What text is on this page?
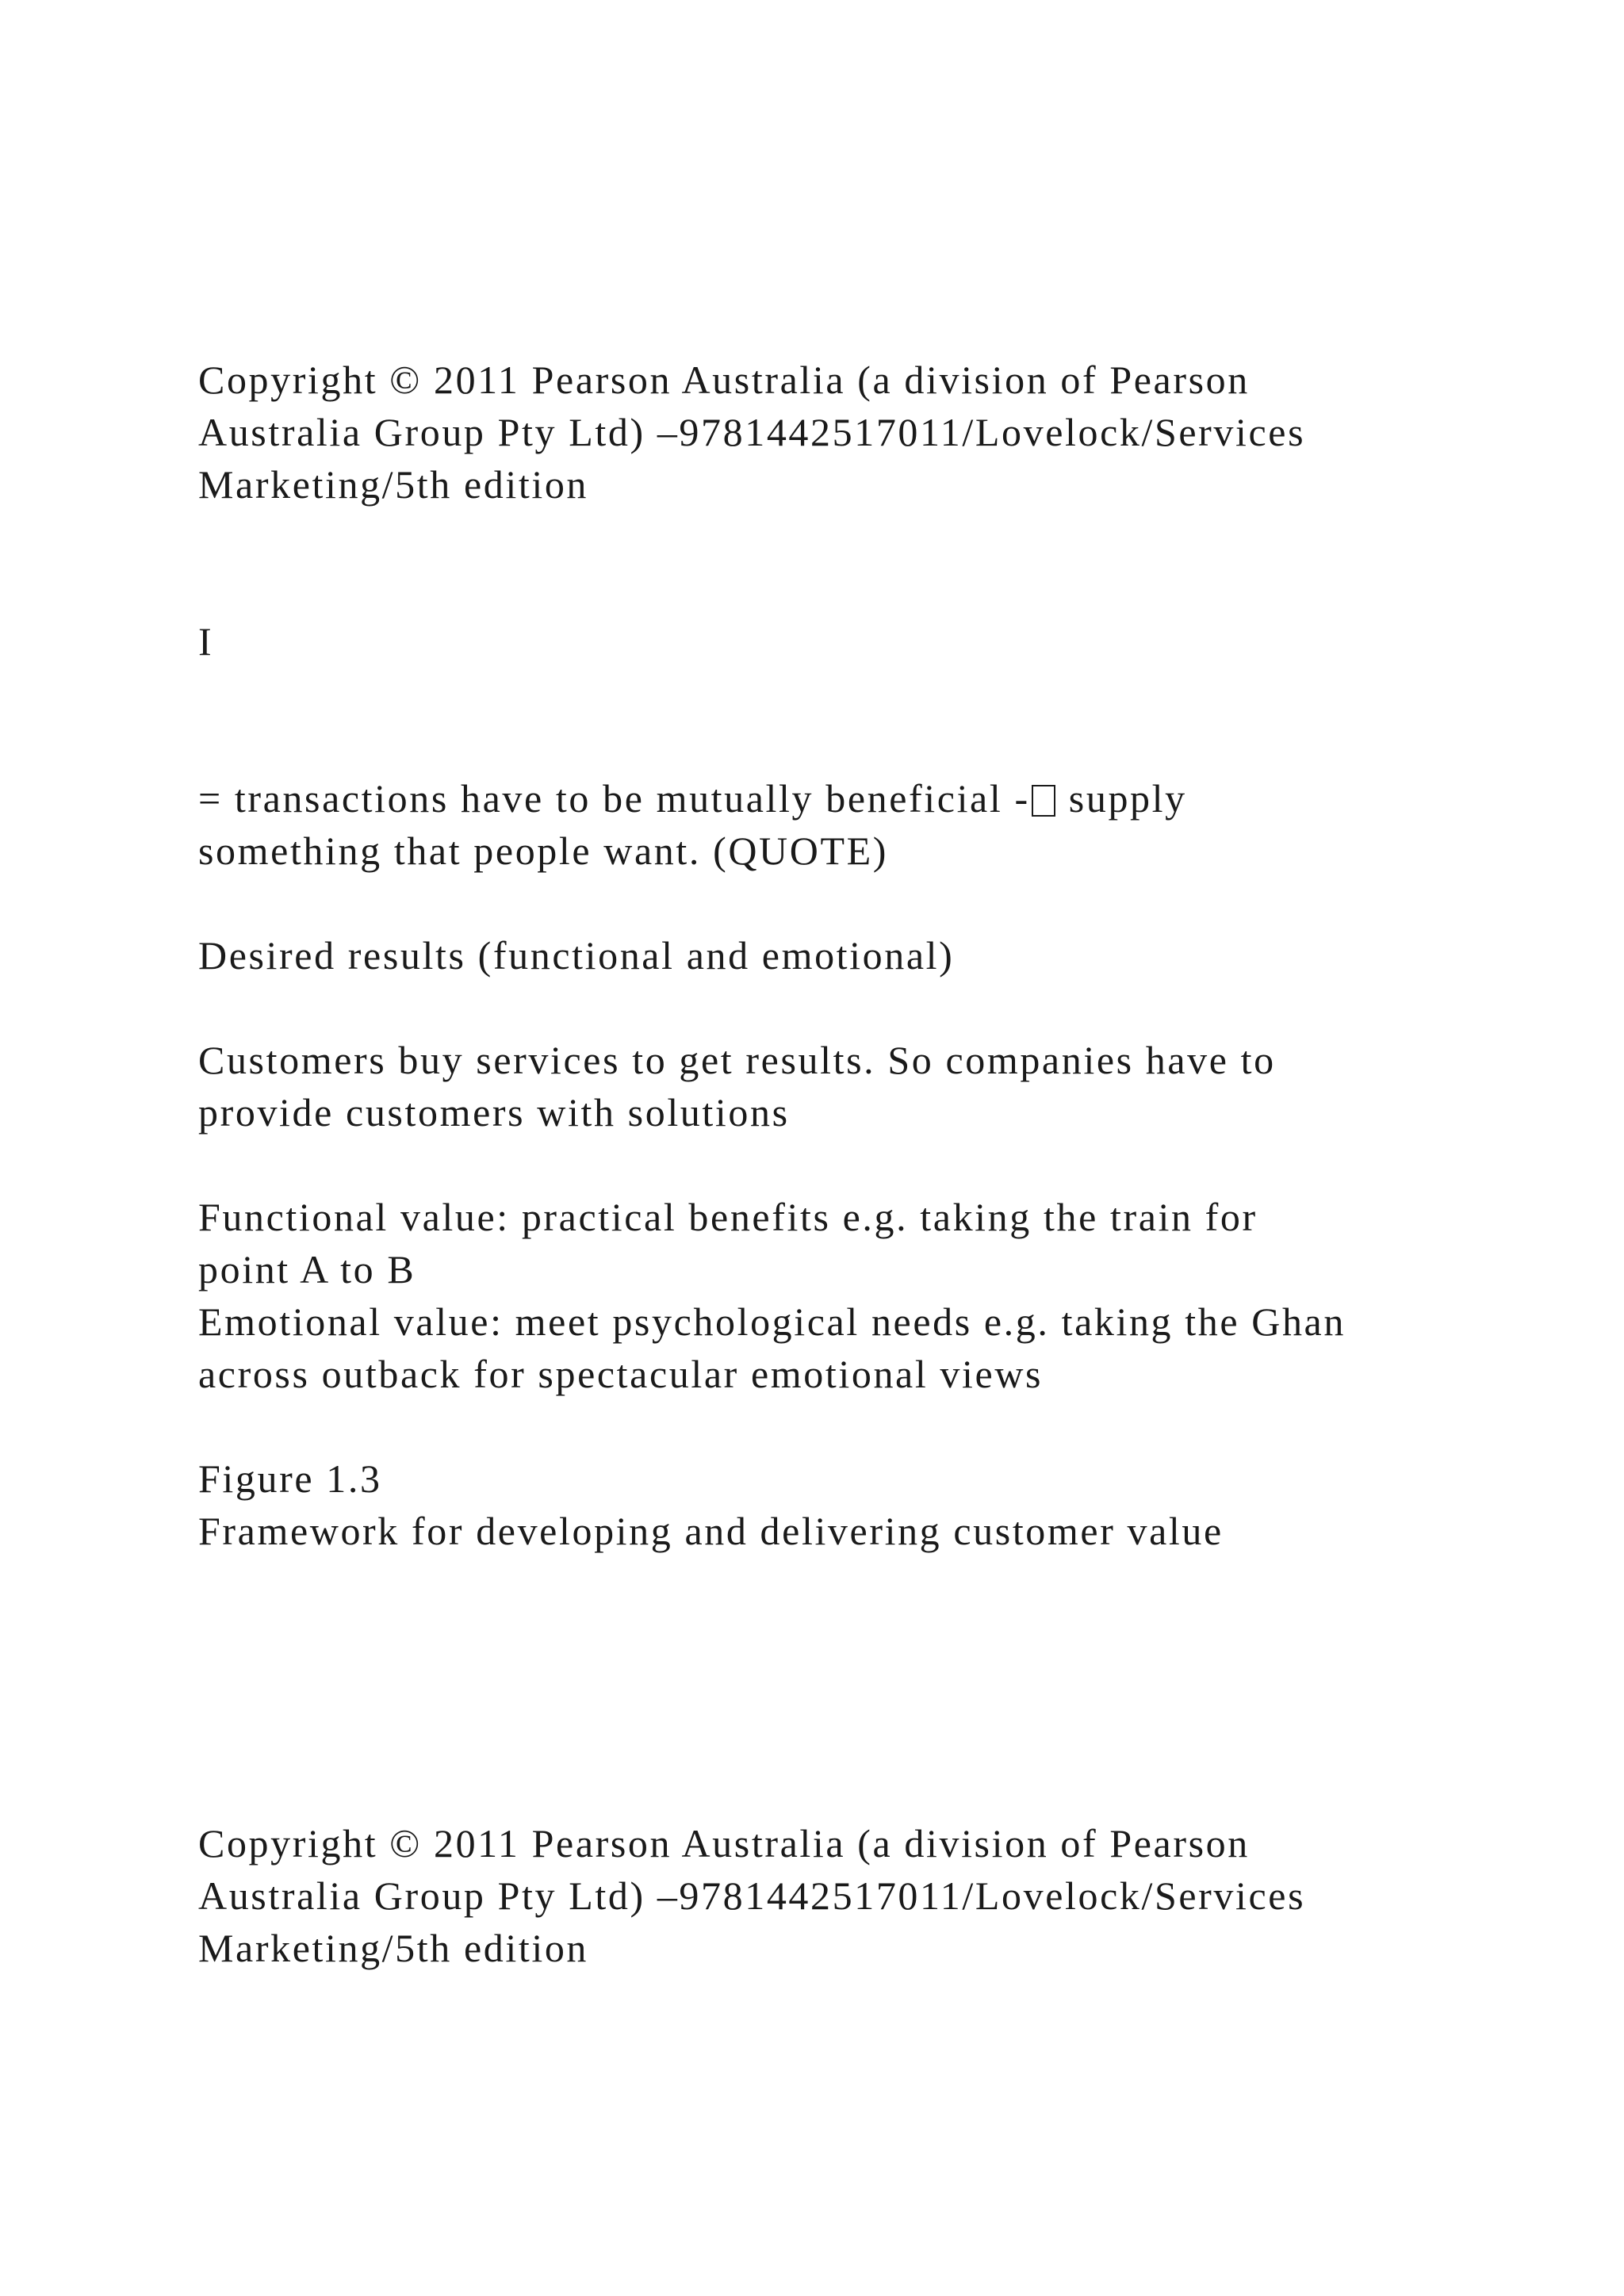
Copyright © 2011 Pearson Australia (a division of Pearson

Australia Group Pty Ltd) –9781442517011/Lovelock/Services

Marketing/5th edition

I

= transactions have to be mutually beneficial - supply

something that people want. (QUOTE)

Desired results (functional and emotional)

Customers buy services to get results. So companies have to

provide customers with solutions

Functional value: practical benefits e.g. taking the train for

point A to B

Emotional value: meet psychological needs e.g. taking the Ghan

across outback for spectacular emotional views

Figure 1.3

Framework for developing and delivering customer value

Copyright © 2011 Pearson Australia (a division of Pearson

Australia Group Pty Ltd) –9781442517011/Lovelock/Services

Marketing/5th edition
